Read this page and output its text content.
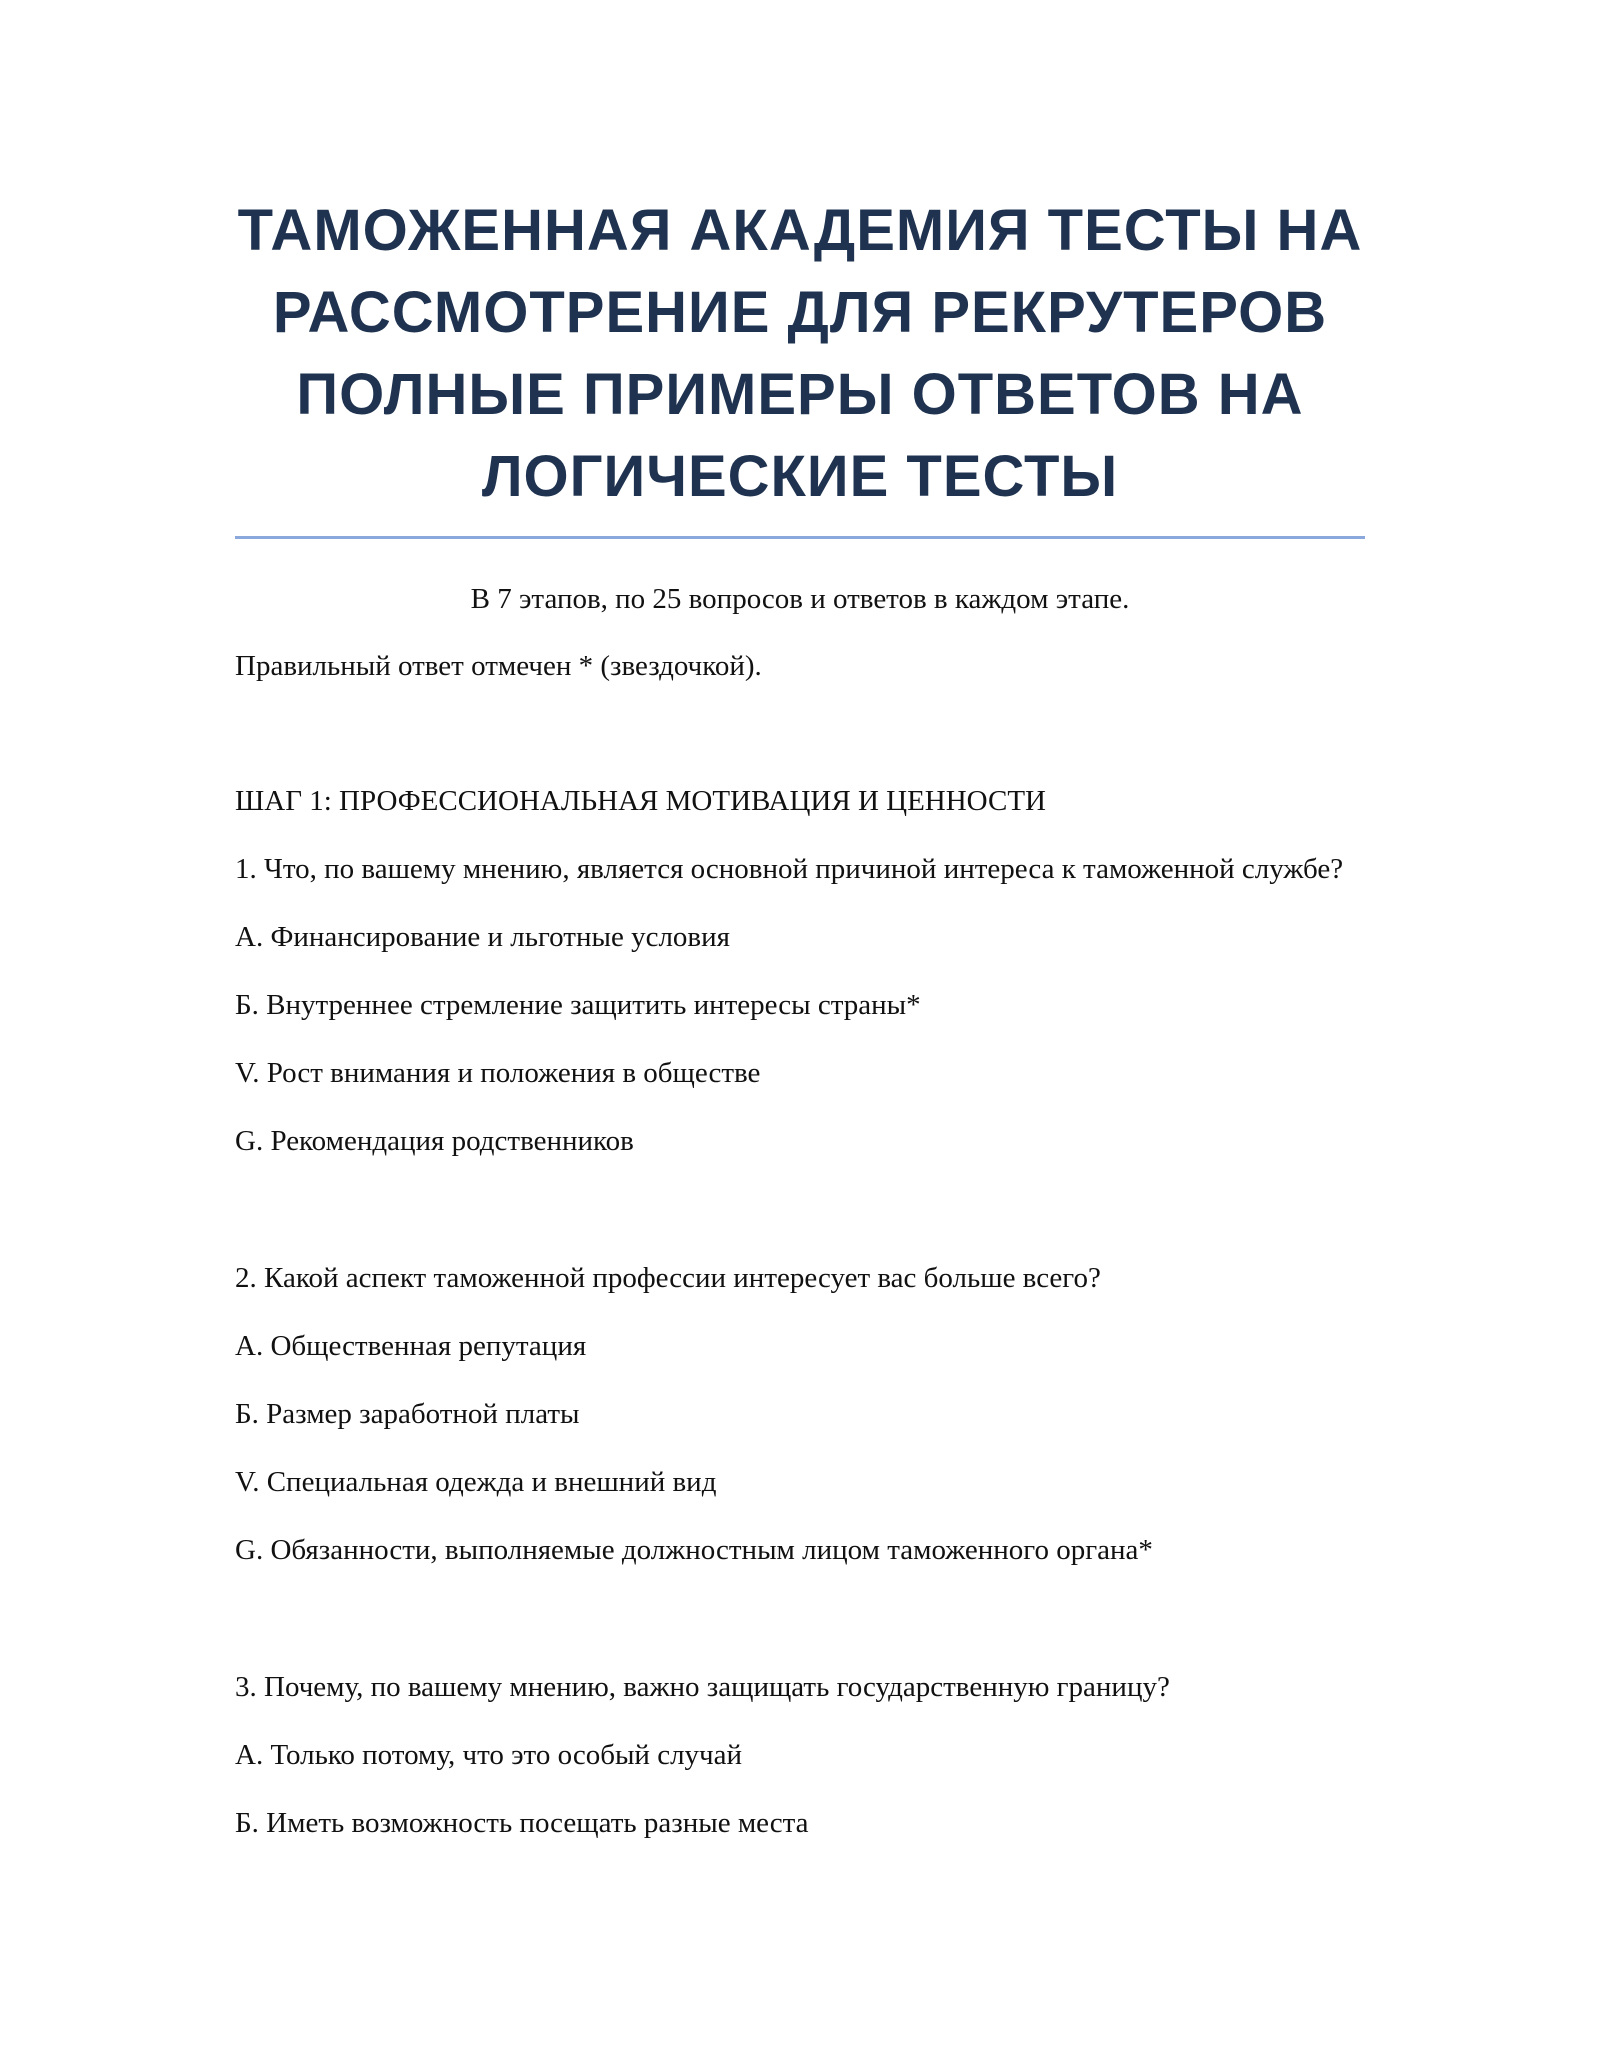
ТАМОЖЕННАЯ АКАДЕМИЯ ТЕСТЫ НА
РАССМОТРЕНИЕ ДЛЯ РЕКРУТЕРОВ
ПОЛНЫЕ ПРИМЕРЫ ОТВЕТОВ НА
ЛОГИЧЕСКИЕ ТЕСТЫ

В 7 этапов, по 25 вопросов и ответов в каждом этапе.

Правильный ответ отмечен * (звездочкой).

ШАГ 1: ПРОФЕССИОНАЛЬНАЯ МОТИВАЦИЯ И ЦЕННОСТИ

1. Что, по вашему мнению, является основной причиной интереса к таможенной службе?

А. Финансирование и льготные условия

Б. Внутреннее стремление защитить интересы страны*

V. Рост внимания и положения в обществе

G. Рекомендация родственников

2. Какой аспект таможенной профессии интересует вас больше всего?

А. Общественная репутация

Б. Размер заработной платы

V. Специальная одежда и внешний вид

G. Обязанности, выполняемые должностным лицом таможенного органа*

3. Почему, по вашему мнению, важно защищать государственную границу?

А. Только потому, что это особый случай

Б. Иметь возможность посещать разные места
